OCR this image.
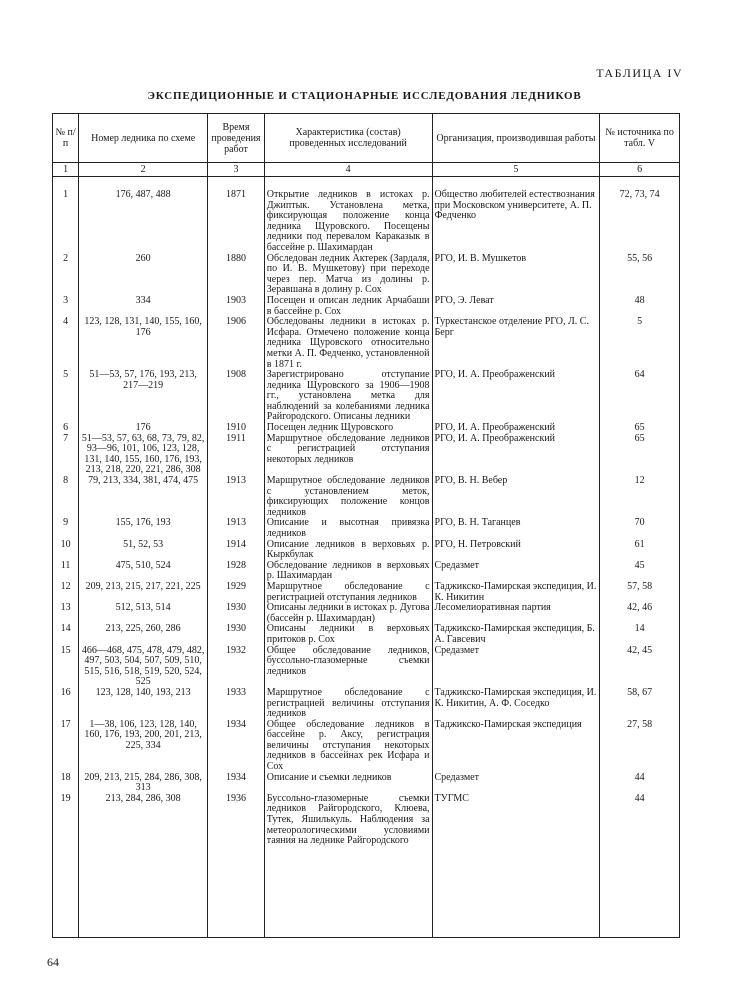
ТАБЛИЦА IV
ЭКСПЕДИЦИОННЫЕ И СТАЦИОНАРНЫЕ ИССЛЕДОВАНИЯ ЛЕДНИКОВ
№ п/п	Номер ледника по схеме	Время проведения работ	Характеристика (состав) проведенных исследований	Организация, производившая работы	№ источника по табл. V
1	2	3	4	5	6

1	176, 487, 488	1871	Открытие ледников в истоках р. Джиптык. Установлена метка, фиксирующая положение конца ледника Щуровского. Посещены ледники под перевалом Караказык в бассейне р. Шахимардан	Общество любителей естествознания при Московском университете, А. П. Федченко	72, 73, 74
2	260	1880	Обследован ледник Актерек (Зардаля, по И. В. Мушкетову) при переходе через пер. Матча из долины р. Зеравшана в долину р. Сох	РГО, И. В. Мушкетов	55, 56
3	334	1903	Посещен и описан ледник Арчабаши в бассейне р. Сох	РГО, Э. Леват	48
4	123, 128, 131, 140, 155, 160, 176	1906	Обследованы ледники в истоках р. Исфара. Отмечено положение конца ледника Щуровского относительно метки А. П. Федченко, установленной в 1871 г.	Туркестанское отделение РГО, Л. С. Берг	5
5	51—53, 57, 176, 193, 213, 217—219	1908	Зарегистрировано отступание ледника Щуровского за 1906—1908 гг., установлена метка для наблюдений за колебаниями ледника Райгородского. Описаны ледники	РГО, И. А. Преображенский	64
6	176	1910	Посещен ледник Щуровского	РГО, И. А. Преображенский	65
7	51—53, 57, 63, 68, 73, 79, 82, 93—96, 101, 106, 123, 128, 131, 140, 155, 160, 176, 193, 213, 218, 220, 221, 286, 308	1911	Маршрутное обследование ледников с регистрацией отступания некоторых ледников	РГО, И. А. Преображенский	65
8	79, 213, 334, 381, 474, 475	1913	Маршрутное обследование ледников с установлением меток, фиксирующих положение концов ледников	РГО, В. Н. Вебер	12
9	155, 176, 193	1913	Описание и высотная привязка ледников	РГО, В. Н. Таганцев	70
10	51, 52, 53	1914	Описание ледников в верховьях р. Кыркбулак	РГО, Н. Петровский	61
11	475, 510, 524	1928	Обследование ледников в верховьях р. Шахимардан	Средазмет	45
12	209, 213, 215, 217, 221, 225	1929	Маршрутное обследование с регистрацией отступания ледников	Таджикско-Памирская экспедиция, И. К. Никитин	57, 58
13	512, 513, 514	1930	Описаны ледники в истоках р. Дугова (бассейн р. Шахимардан)	Лесомелиоративная партия	42, 46
14	213, 225, 260, 286	1930	Описаны ледники в верховьях притоков р. Сох	Таджикско-Памирская экспедиция, Б. А. Гавсевич	14
15	466—468, 475, 478, 479, 482, 497, 503, 504, 507, 509, 510, 515, 516, 518, 519, 520, 524, 525	1932	Общее обследование ледников, буссольно-глазомерные съемки ледников	Средазмет	42, 45
16	123, 128, 140, 193, 213	1933	Маршрутное обследование с регистрацией величины отступания ледников	Таджикско-Памирская экспедиция, И. К. Никитин, А. Ф. Соседко	58, 67
17	1—38, 106, 123, 128, 140, 160, 176, 193, 200, 201, 213, 225, 334	1934	Общее обследование ледников в бассейне р. Аксу, регистрация величины отступания некоторых ледников в бассейнах рек Исфара и Сох	Таджикско-Памирская экспедиция	27, 58
18	209, 213, 215, 284, 286, 308, 313	1934	Описание и съемки ледников	Средазмет	44
19	213, 284, 286, 308	1936	Буссольно-глазомерные съемки ледников Райгородского, Клюева, Тутек, Яшилькуль. Наблюдения за метеорологическими условиями таяния на леднике Райгородского	ТУГМС	44

64
